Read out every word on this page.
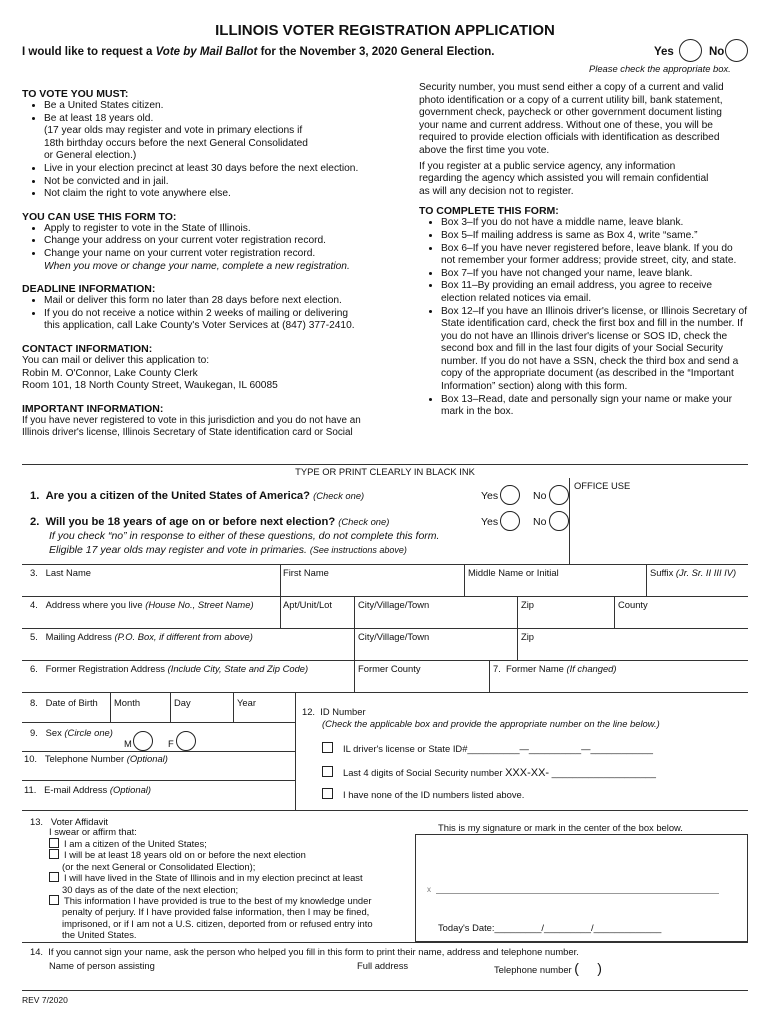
ILLINOIS VOTER REGISTRATION APPLICATION
I would like to request a Vote by Mail Ballot for the November 3, 2020 General Election.	Yes	No
Please check the appropriate box.
TO VOTE YOU MUST:
• Be a United States citizen.
• Be at least 18 years old.
(17 year olds may register and vote in primary elections if
18th birthday occurs before the next General Consolidated
or General election.)
• Live in your election precinct at least 30 days before the next election.
• Not be convicted and in jail.
• Not claim the right to vote anywhere else.
YOU CAN USE THIS FORM TO:
• Apply to register to vote in the State of Illinois.
• Change your address on your current voter registration record.
• Change your name on your current voter registration record.
When you move or change your name, complete a new registration.
DEADLINE INFORMATION:
• Mail or deliver this form no later than 28 days before next election.
• If you do not receive a notice within 2 weeks of mailing or delivering
this application, call Lake County's Voter Services at (847) 377-2410.
CONTACT INFORMATION:
You can mail or deliver this application to:
Robin M. O'Connor, Lake County Clerk
Room 101, 18 North County Street, Waukegan, IL 60085
IMPORTANT INFORMATION:
If you have never registered to vote in this jurisdiction and you do not have an
Illinois driver's license, Illinois Secretary of State identification card or Social
Security number, you must send either a copy of a current and valid
photo identification or a copy of a current utility bill, bank statement,
government check, paycheck or other government document listing
your name and current address. Without one of these, you will be
required to provide election officials with identification as described
above the first time you vote.
If you register at a public service agency, any information
regarding the agency which assisted you will remain confidential
as will any decision not to register.
TO COMPLETE THIS FORM:
• Box 3–If you do not have a middle name, leave blank.
• Box 5–If mailing address is same as Box 4, write “same.”
• Box 6–If you have never registered before, leave blank. If you do not remember your former address; provide street, city, and state.
• Box 7–If you have not changed your name, leave blank.
• Box 11–By providing an email address, you agree to receive election related notices via email.
• Box 12–If you have an Illinois driver's license, or Illinois Secretary of State identification card, check the first box and fill in the number. If you do not have an Illinois driver's license or SOS ID, check the second box and fill in the last four digits of your Social Security number. If you do not have a SSN, check the third box and send a copy of the appropriate document (as described in the “Important Information” section) along with this form.
• Box 13–Read, date and personally sign your name or make your mark in the box.
TYPE OR PRINT CLEARLY IN BLACK INK
OFFICE USE
1. Are you a citizen of the United States of America? (Check one)	Yes	No
2. Will you be 18 years of age on or before next election? (Check one)	Yes	No
If you check “no” in response to either of these questions, do not complete this form.
Eligible 17 year olds may register and vote in primaries. (See instructions above)
3. Last Name	First Name	Middle Name or Initial	Suffix (Jr. Sr. II III IV)
4. Address where you live (House No., Street Name)	Apt/Unit/Lot	City/Village/Town	Zip	County
5. Mailing Address (P.O. Box, if different from above)	City/Village/Town	Zip
6. Former Registration Address (Include City, State and Zip Code)	Former County	7. Former Name (If changed)
8. Date of Birth Month	Day	Year
9. Sex (Circle one)
M	F
10. Telephone Number (Optional)
11. E-mail Address (Optional)
12. ID Number
(Check the applicable box and provide the appropriate number on the line below.)
IL driver's license or State ID#__________—__________—____________
Last 4 digits of Social Security number XXX-XX- ____________________
I have none of the ID numbers listed above.
13. Voter Affidavit
I swear or affirm that:
I am a citizen of the United States;
I will be at least 18 years old on or before the next election
(or the next General or Consolidated Election);
I will have lived in the State of Illinois and in my election precinct at least
30 days as of the date of the next election;
This information I have provided is true to the best of my knowledge under
penalty of perjury. If I have provided false information, then I may be fined,
imprisoned, or if I am not a U.S. citizen, deported from or refused entry into
the United States.
This is my signature or mark in the center of the box below.
x
Today's Date:_________/_________/_____________
14. If you cannot sign your name, ask the person who helped you fill in this form to print their name, address and telephone number.
Name of person assisting	Full address	Telephone number ( )
REV 7/2020
